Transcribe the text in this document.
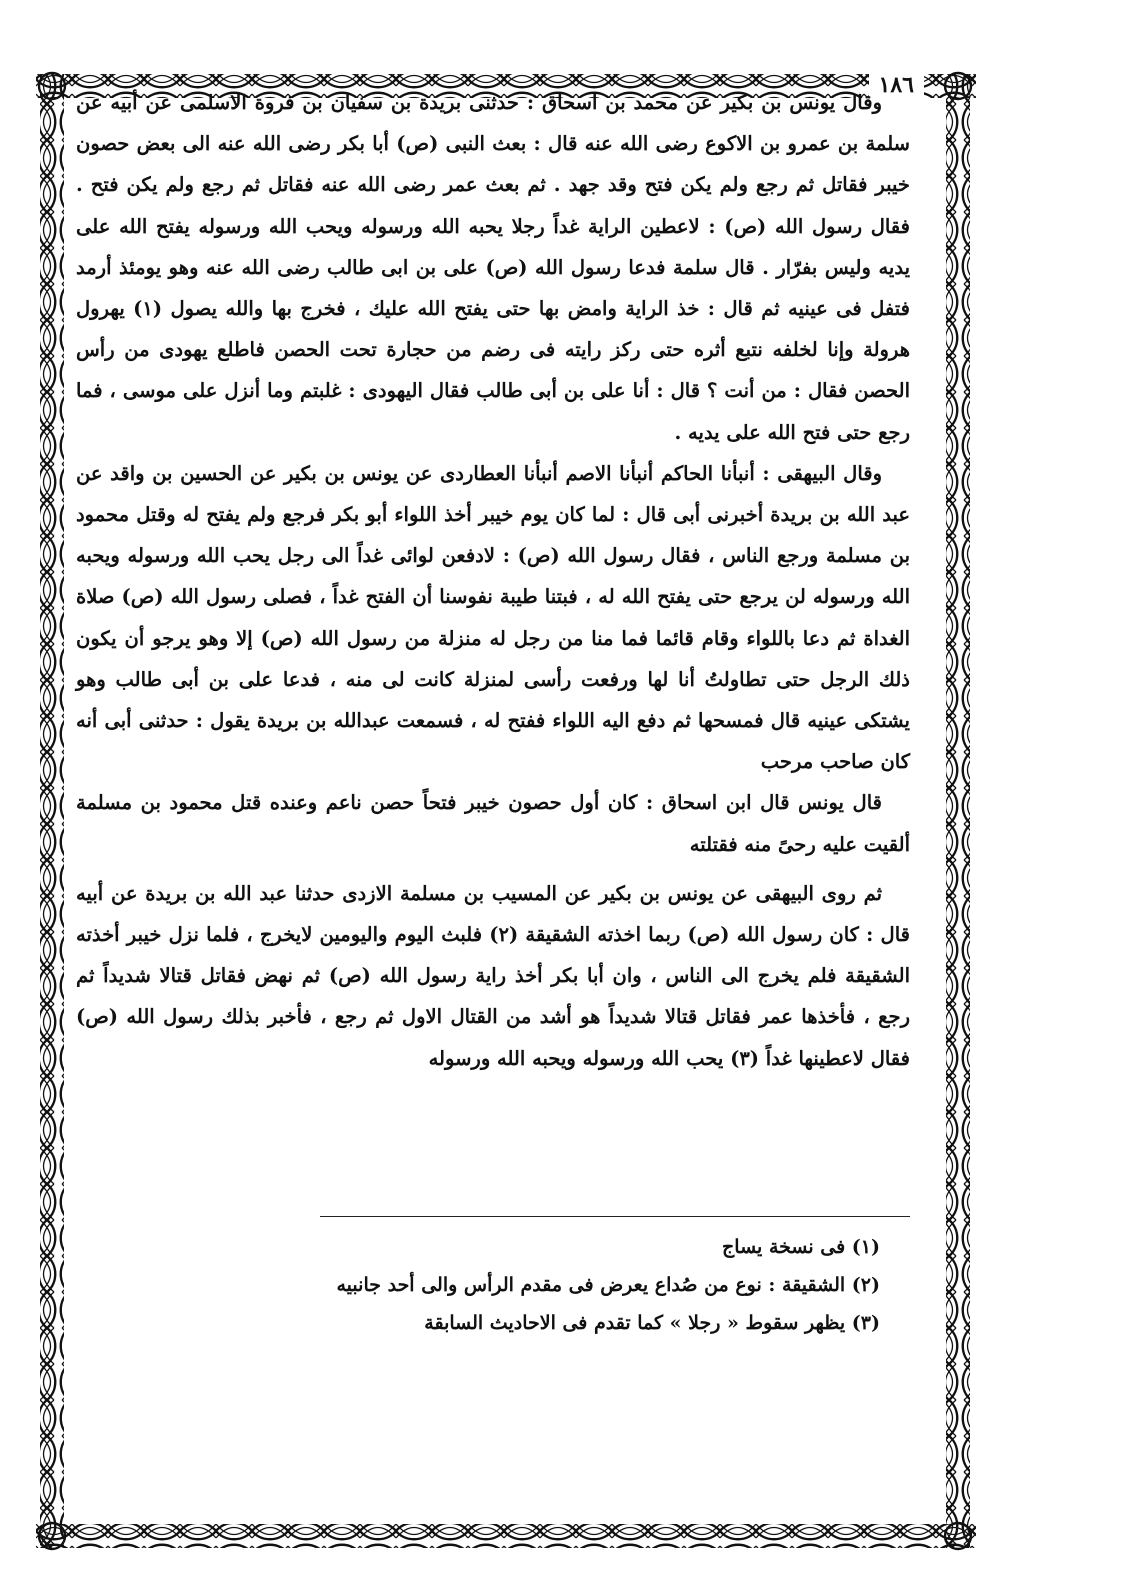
١٨٦

وقال يونس بن بكير عن محمد بن اسحاق : حدثنى بريدة بن سفيان بن فروة الاسلمى عن أبيه عن سلمة بن عمرو بن الاكوع رضى الله عنه قال : بعث النبى (ص) أبا بكر رضى الله عنه الى بعض حصون خيبر فقاتل ثم رجع ولم يكن فتح وقد جهد . ثم بعث عمر رضى الله عنه فقاتل ثم رجع ولم يكن فتح . فقال رسول الله (ص) : لاعطين الراية غداً رجلا يحبه الله ورسوله ويحب الله ورسوله يفتح الله على يديه وليس بفرّار . قال سلمة فدعا رسول الله (ص) على بن ابى طالب رضى الله عنه وهو يومئذ أرمد فتفل فى عينيه ثم قال : خذ الراية وامض بها حتى يفتح الله عليك ، فخرج بها والله يصول (١) يهرول هرولة وإنا لخلفه نتبع أثره حتى ركز رايته فى رضم من حجارة تحت الحصن فاطلع يهودى من رأس الحصن فقال : من أنت ؟ قال : أنا على بن أبى طالب فقال اليهودى : غلبتم وما أنزل على موسى ، فما رجع حتى فتح الله على يديه .

وقال البيهقى : أنبأنا الحاكم أنبأنا الاصم أنبأنا العطاردى عن يونس بن بكير عن الحسين بن واقد عن عبد الله بن بريدة أخبرنى أبى قال : لما كان يوم خيبر أخذ اللواء أبو بكر فرجع ولم يفتح له وقتل محمود بن مسلمة ورجع الناس ، فقال رسول الله (ص) : لادفعن لوائى غداً الى رجل يحب الله ورسوله ويحبه الله ورسوله لن يرجع حتى يفتح الله له ، فبتنا طيبة نفوسنا أن الفتح غداً ، فصلى رسول الله (ص) صلاة الغداة ثم دعا باللواء وقام قائما فما منا من رجل له منزلة من رسول الله (ص) إلا وهو يرجو أن يكون ذلك الرجل حتى تطاولتُ أنا لها ورفعت رأسى لمنزلة كانت لى منه ، فدعا على بن أبى طالب وهو يشتكى عينيه قال فمسحها ثم دفع اليه اللواء ففتح له ، فسمعت عبدالله بن بريدة يقول : حدثنى أبى أنه كان صاحب مرحب

قال يونس قال ابن اسحاق : كان أول حصون خيبر فتحاً حصن ناعم وعنده قتل محمود بن مسلمة ألقيت عليه رحىً منه فقتلته

ثم روى البيهقى عن يونس بن بكير عن المسيب بن مسلمة الازدى حدثنا عبد الله بن بريدة عن أبيه قال : كان رسول الله (ص) ربما اخذته الشقيقة (٢) فلبث اليوم واليومين لايخرج ، فلما نزل خيبر أخذته الشقيقة فلم يخرج الى الناس ، وان أبا بكر أخذ راية رسول الله (ص) ثم نهض فقاتل قتالا شديداً ثم رجع ، فأخذها عمر فقاتل قتالا شديداً هو أشد من القتال الاول ثم رجع ، فأخبر بذلك رسول الله (ص) فقال لاعطينها غداً (٣) يحب الله ورسوله ويحبه الله ورسوله

(١) فى نسخة يساج
(٢) الشقيقة : نوع من صُداع يعرض فى مقدم الرأس والى أحد جانبيه
(٣) يظهر سقوط « رجلا » كما تقدم فى الاحاديث السابقة
